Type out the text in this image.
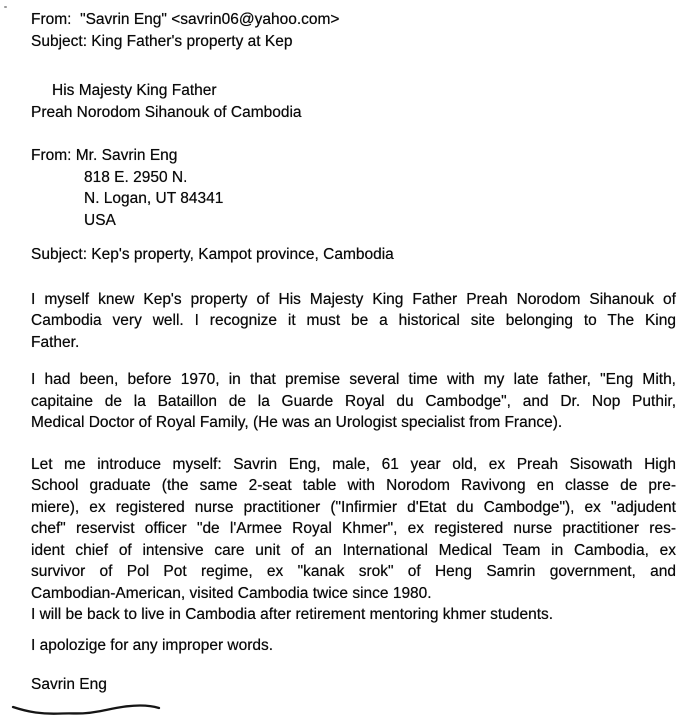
From:  "Savrin Eng" <savrin06@yahoo.com>
Subject: King Father's property at Kep
His Majesty King Father
Preah Norodom Sihanouk of Cambodia
From: Mr. Savrin Eng
818 E. 2950 N.
N. Logan, UT 84341
USA
Subject: Kep's property, Kampot province, Cambodia
I myself knew Kep's property of His Majesty King Father Preah Norodom Sihanouk of
Cambodia very well. I recognize it must be a historical site belonging to The King
Father.
I had been, before 1970, in that premise several time with my late father, "Eng Mith,
capitaine de la Bataillon de la Guarde Royal du Cambodge", and Dr. Nop Puthir,
Medical Doctor of Royal Family, (He was an Urologist specialist from France).
Let me introduce myself: Savrin Eng, male, 61 year old, ex Preah Sisowath High
School graduate (the same 2-seat table with Norodom Ravivong en classe de pre-
miere), ex registered nurse practitioner ("Infirmier d'Etat du Cambodge"), ex "adjudent
chef" reservist officer "de l'Armee Royal Khmer", ex registered nurse practitioner res-
ident chief of intensive care unit of an International Medical Team in Cambodia, ex
survivor of Pol Pot regime, ex "kanak srok" of Heng Samrin government, and
Cambodian-American, visited Cambodia twice since 1980.
I will be back to live in Cambodia after retirement mentoring khmer students.
I apolozige for any improper words.
Savrin Eng
